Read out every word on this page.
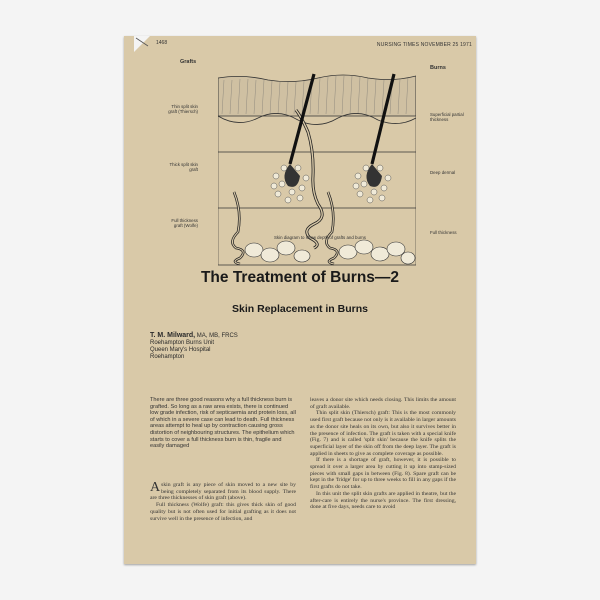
1468	NURSING TIMES NOVEMBER 25 1971
Grafts
Burns
Thin split skin graft (Thiersch)
Thick split skin graft
Full thickness graft (Wolfe)
Superficial partial thickness
Deep dermal
Full thickness
Skin diagram to show depth of grafts and burns
The Treatment of Burns—2
Skin Replacement in Burns
T. M. Milward, MA, MB, FRCS
Roehampton Burns Unit
Queen Mary's Hospital
Roehampton
There are three good reasons why a full thickness burn is grafted. So long as a raw area exists, there is continued low grade infection, risk of septicaemia and protein loss, all of which in a severe case can lead to death. Full thickness areas attempt to heal up by contraction causing gross distortion of neighbouring structures. The epithelium which starts to cover a full thickness burn is thin, fragile and easily damaged

A skin graft is any piece of skin moved to a new site by being completely separated from its blood supply. There are three thicknesses of skin graft (above).

Full thickness (Wolfe) graft: this gives thick skin of good quality but is not often used for initial grafting as it does not survive well in the presence of infection, and

leaves a donor site which needs closing. This limits the amount of graft available.

Thin split skin (Thiersch) graft: This is the most commonly used first graft because not only is it available in larger amounts as the donor site heals on its own, but also it survives better in the presence of infection. The graft is taken with a special knife (Fig. 7) and is called 'split skin' because the knife splits the superficial layer of the skin off from the deep layer. The graft is applied in sheets to give as complete coverage as possible.

If there is a shortage of graft, however, it is possible to spread it over a larger area by cutting it up into stamp-sized pieces with small gaps in between (Fig. 8). Spare graft can be kept in the 'fridge' for up to three weeks to fill in any gaps if the first grafts do not take.

In this unit the split skin grafts are applied in theatre, but the after-care is entirely the nurse's province. The first dressing, done at five days, needs care to avoid
